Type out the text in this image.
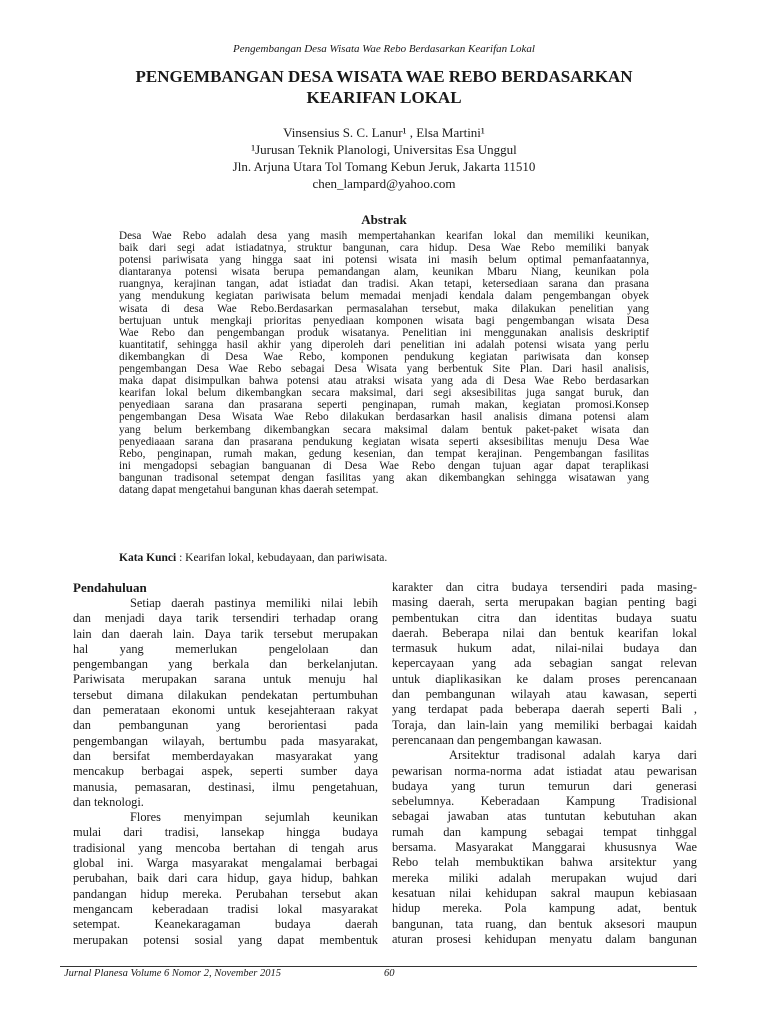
Pengembangan Desa Wisata Wae Rebo Berdasarkan Kearifan Lokal
PENGEMBANGAN DESA WISATA WAE REBO BERDASARKAN
KEARIFAN LOKAL
Vinsensius S. C. Lanur¹ , Elsa Martini¹
¹Jurusan Teknik Planologi, Universitas Esa Unggul
Jln. Arjuna Utara Tol Tomang Kebun Jeruk, Jakarta 11510
chen_lampard@yahoo.com
Abstrak
Desa Wae Rebo adalah desa yang masih mempertahankan kearifan lokal dan memiliki keunikan,
baik dari segi adat istiadatnya, struktur bangunan, cara hidup. Desa Wae Rebo memiliki banyak
potensi pariwisata yang hingga saat ini potensi wisata ini masih belum optimal pemanfaatannya,
diantaranya potensi wisata berupa pemandangan alam, keunikan Mbaru Niang, keunikan pola
ruangnya, kerajinan tangan, adat istiadat dan tradisi. Akan tetapi, ketersediaan sarana dan prasana
yang mendukung kegiatan pariwisata belum memadai menjadi kendala dalam pengembangan obyek
wisata di desa Wae Rebo.Berdasarkan permasalahan tersebut, maka dilakukan penelitian yang
bertujuan untuk mengkaji prioritas penyediaan komponen wisata bagi pengembangan wisata Desa
Wae Rebo dan pengembangan produk wisatanya. Penelitian ini menggunakan analisis deskriptif
kuantitatif, sehingga hasil akhir yang diperoleh dari penelitian ini adalah potensi wisata yang perlu
dikembangkan di Desa Wae Rebo, komponen pendukung kegiatan pariwisata dan konsep
pengembangan Desa Wae Rebo sebagai Desa Wisata yang berbentuk Site Plan. Dari hasil analisis,
maka dapat disimpulkan bahwa potensi atau atraksi wisata yang ada di Desa Wae Rebo berdasarkan
kearifan lokal belum dikembangkan secara maksimal, dari segi aksesibilitas juga sangat buruk, dan
penyediaan sarana dan prasarana seperti penginapan, rumah makan, kegiatan promosi.Konsep
pengembangan Desa Wisata Wae Rebo dilakukan berdasarkan hasil analisis dimana potensi alam
yang belum berkembang dikembangkan secara maksimal dalam bentuk paket-paket wisata dan
penyediaaan sarana dan prasarana pendukung kegiatan wisata seperti aksesibilitas menuju Desa Wae
Rebo, penginapan, rumah makan, gedung kesenian, dan tempat kerajinan. Pengembangan fasilitas
ini mengadopsi sebagian banguanan di Desa Wae Rebo dengan tujuan agar dapat teraplikasi
bangunan tradisonal setempat dengan fasilitas yang akan dikembangkan sehingga wisatawan yang
datang dapat mengetahui bangunan khas daerah setempat.
Kata Kunci : Kearifan lokal, kebudayaan, dan pariwisata.
Pendahuluan
Setiap daerah pastinya memiliki nilai lebih
dan menjadi daya tarik tersendiri terhadap orang
lain dan daerah lain. Daya tarik tersebut merupakan
hal yang memerlukan pengelolaan dan
pengembangan yang berkala dan berkelanjutan.
Pariwisata merupakan sarana untuk menuju hal
tersebut dimana dilakukan pendekatan pertumbuhan
dan pemerataan ekonomi untuk kesejahteraan rakyat
dan pembangunan yang berorientasi pada
pengembangan wilayah, bertumbu pada masyarakat,
dan bersifat memberdayakan masyarakat yang
mencakup berbagai aspek, seperti sumber daya
manusia, pemasaran, destinasi, ilmu pengetahuan,
dan teknologi.
Flores menyimpan sejumlah keunikan
mulai dari tradisi, lansekap hingga budaya
tradisional yang mencoba bertahan di tengah arus
global ini. Warga masyarakat mengalamai berbagai
perubahan, baik dari cara hidup, gaya hidup, bahkan
pandangan hidup mereka. Perubahan tersebut akan
mengancam keberadaan tradisi lokal masyarakat
setempat. Keanekaragaman budaya daerah
merupakan potensi sosial yang dapat membentuk
karakter dan citra budaya tersendiri pada masing-
masing daerah, serta merupakan bagian penting bagi
pembentukan citra dan identitas budaya suatu
daerah. Beberapa nilai dan bentuk kearifan lokal
termasuk hukum adat, nilai-nilai budaya dan
kepercayaan yang ada sebagian sangat relevan
untuk diaplikasikan ke dalam proses perencanaan
dan pembangunan wilayah atau kawasan, seperti
yang terdapat pada beberapa daerah seperti Bali ,
Toraja, dan lain-lain yang memiliki berbagai kaidah
perencanaan dan pengembangan kawasan.
Arsitektur tradisonal adalah karya dari
pewarisan norma-norma adat istiadat atau pewarisan
budaya yang turun temurun dari generasi
sebelumnya. Keberadaan Kampung Tradisional
sebagai jawaban atas tuntutan kebutuhan akan
rumah dan kampung sebagai tempat tinhggal
bersama. Masyarakat Manggarai khususnya Wae
Rebo telah membuktikan bahwa arsitektur yang
mereka miliki adalah merupakan wujud dari
kesatuan nilai kehidupan sakral maupun kebiasaan
hidup mereka. Pola kampung adat, bentuk
bangunan, tata ruang, dan bentuk aksesori maupun
aturan prosesi kehidupan menyatu dalam bangunan
Jurnal Planesa Volume 6 Nomor 2, November 2015	60
